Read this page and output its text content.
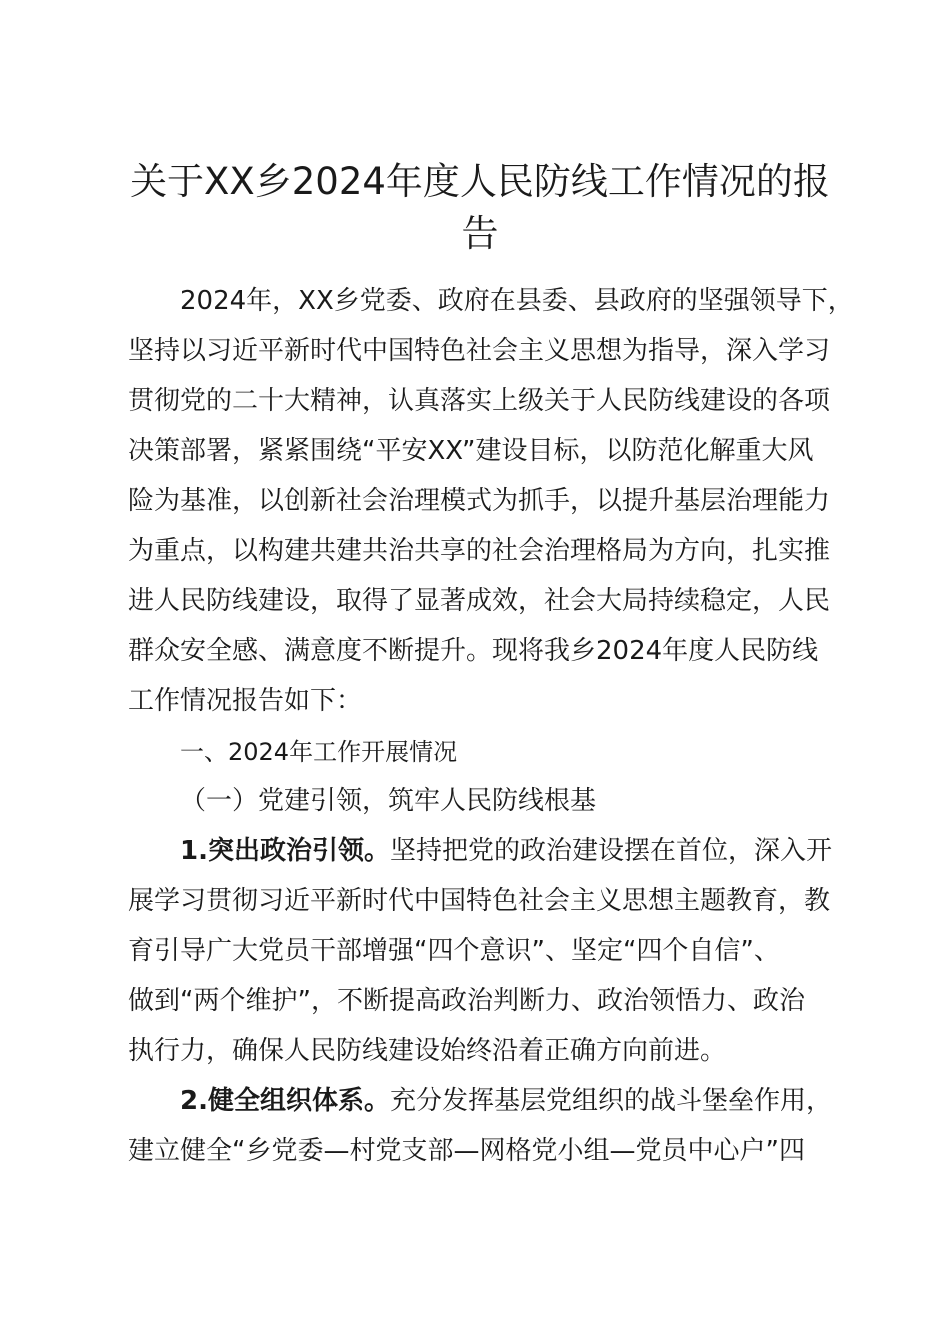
关于XX乡2024年度人民防线工作情况的报
告

2024年，XX乡党委、政府在县委、县政府的坚强领导下，

坚持以习近平新时代中国特色社会主义思想为指导，深入学习

贯彻党的二十大精神，认真落实上级关于人民防线建设的各项

决策部署，紧紧围绕“平安XX”建设目标，以防范化解重大风

险为基准，以创新社会治理模式为抓手，以提升基层治理能力

为重点，以构建共建共治共享的社会治理格局为方向，扎实推

进人民防线建设，取得了显著成效，社会大局持续稳定，人民

群众安全感、满意度不断提升。现将我乡2024年度人民防线

工作情况报告如下：

一、2024年工作开展情况

（一）党建引领，筑牢人民防线根基

1.突出政治引领。坚持把党的政治建设摆在首位，深入开

展学习贯彻习近平新时代中国特色社会主义思想主题教育，教

育引导广大党员干部增强“四个意识”、坚定“四个自信”、

做到“两个维护”，不断提高政治判断力、政治领悟力、政治

执行力，确保人民防线建设始终沿着正确方向前进。

2.健全组织体系。充分发挥基层党组织的战斗堡垒作用，

建立健全“乡党委—村党支部—网格党小组—党员中心户”四
